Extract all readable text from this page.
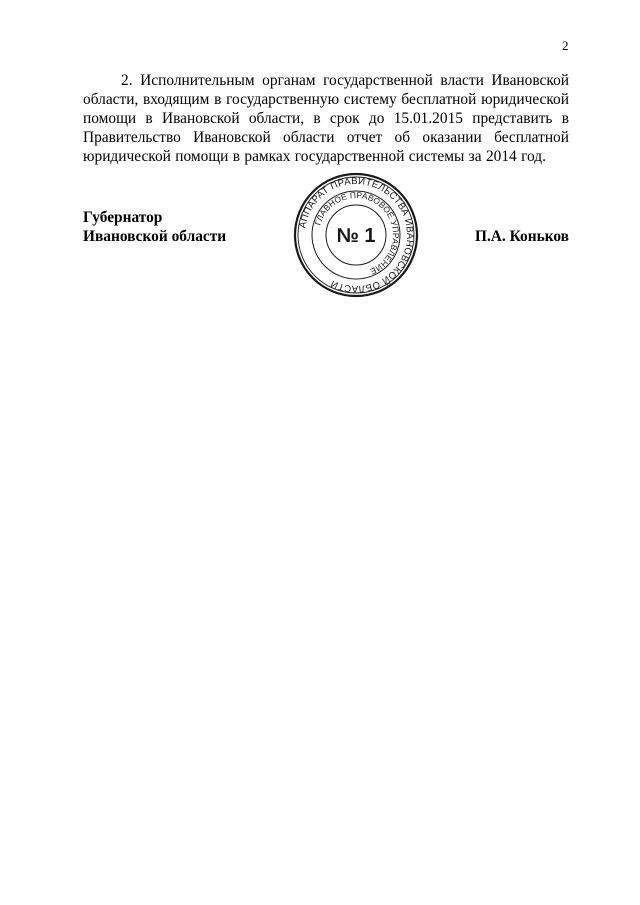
2
2. Исполнительным органам государственной власти Ивановской области, входящим в государственную систему бесплатной юридической помощи в Ивановской области, в срок до 15.01.2015 представить в Правительство Ивановской области отчет об оказании бесплатной юридической помощи в рамках государственной системы за 2014 год.
Губернатор
Ивановской области	П.А. Коньков
АППАРАТ ПРАВИТЕЛЬСТВА ИВАНОВСКОЙ ОБЛАСТИ
ГЛАВНОЕ ПРАВОВОЕ УПРАВЛЕНИЕ
№ 1
